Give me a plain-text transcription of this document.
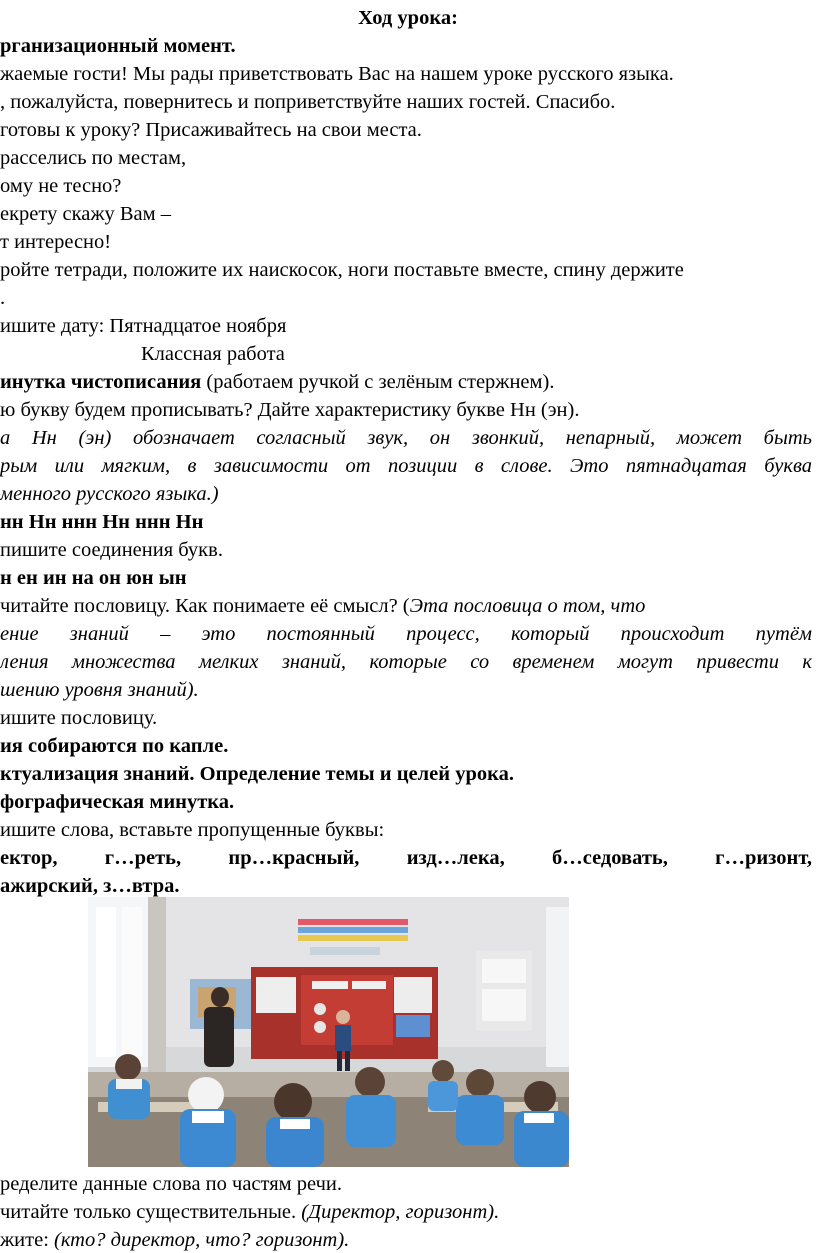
Ход урока:
рганизационный момент.
жаемые гости! Мы рады приветствовать Вас на нашем уроке русского языка.
, пожалуйста, повернитесь и поприветствуйте наших гостей. Спасибо.
готовы к уроку? Присаживайтесь на свои места.
расселись по местам,
ому не тесно?
екрету скажу Вам –
т интересно!
ройте тетради, положите их наискосок, ноги поставьте вместе, спину держите
.
ишите дату: Пятнадцатое ноября
Классная работа
инутка чистописания (работаем ручкой с зелёным стержнем).
ю букву будем прописывать? Дайте характеристику букве Нн (эн).
а Нн (эн) обозначает согласный звук, он звонкий, непарный, может быть
рым или мягким, в зависимости от позиции в слове. Это пятнадцатая буква
менного русского языка.)
нн Нн ннн Нн ннн Нн
пишите соединения букв.
н ен ин на он юн ын
читайте пословицу. Как понимаете её смысл? (Эта пословица о том, что
ение знаний – это постоянный процесс, который происходит путём
ления множества мелких знаний, которые со временем могут привести к
шению уровня знаний).
ишите пословицу.
ия собираются по капле.
ктуализация знаний. Определение темы и целей урока.
фографическая минутка.
ишите слова, вставьте пропущенные буквы:
ектор, г…реть, пр…красный, изд…лека, б…седовать, г…ризонт,
ажирский, з…втра.
ределите данные слова по частям речи.
читайте только существительные. (Директор, горизонт).
жите: (кто? директор, что? горизонт).
